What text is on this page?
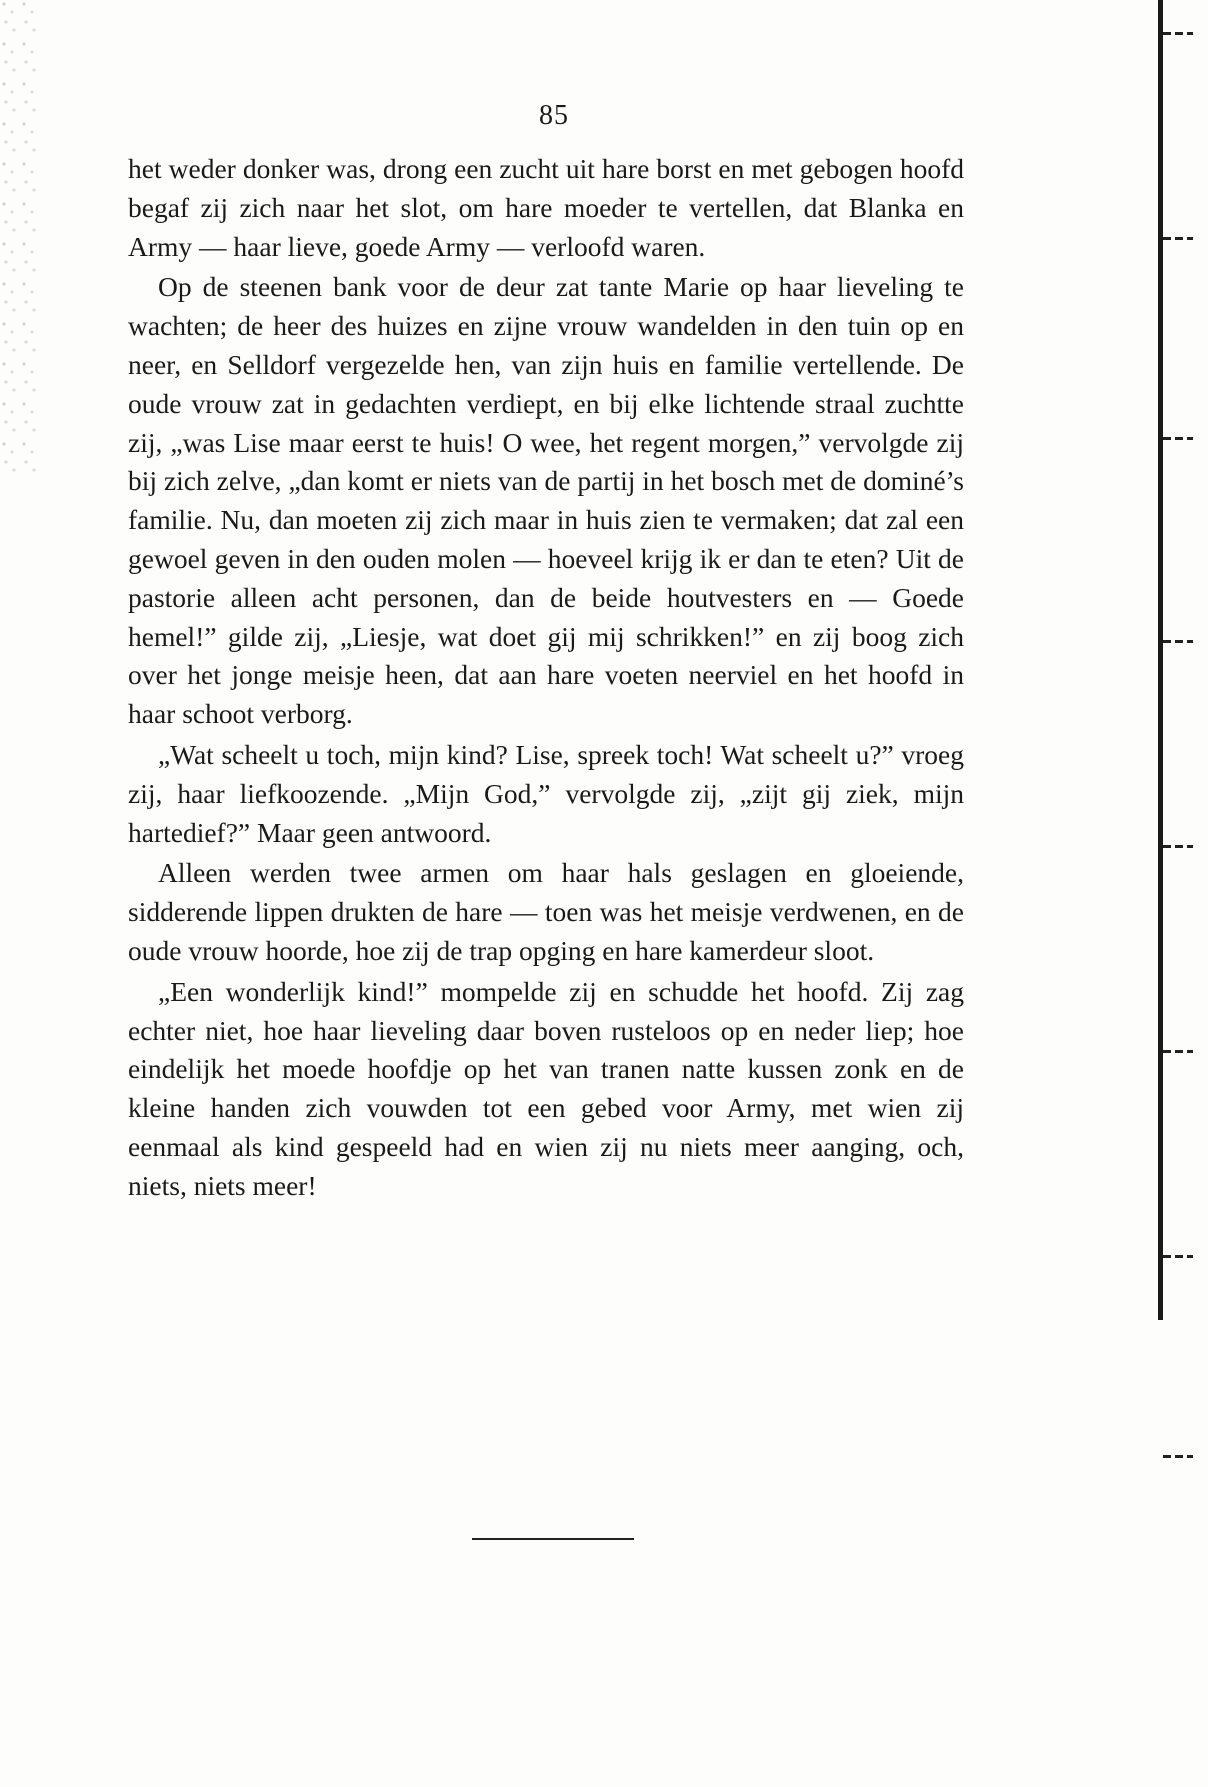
85

het weder donker was, drong een zucht uit hare borst en met gebogen hoofd begaf zij zich naar het slot, om hare moeder te vertellen, dat Blanka en Army — haar lieve, goede Army — verloofd waren.

Op de steenen bank voor de deur zat tante Marie op haar lieveling te wachten; de heer des huizes en zijne vrouw wandelden in den tuin op en neer, en Selldorf vergezelde hen, van zijn huis en familie vertellende. De oude vrouw zat in gedachten verdiept, en bij elke lichtende straal zuchtte zij, „was Lise maar eerst te huis! O wee, het regent morgen,” vervolgde zij bij zich zelve, „dan komt er niets van de partij in het bosch met de dominé’s familie. Nu, dan moeten zij zich maar in huis zien te vermaken; dat zal een gewoel geven in den ouden molen — hoeveel krijg ik er dan te eten? Uit de pastorie alleen acht personen, dan de beide houtvesters en — Goede hemel!” gilde zij, „Liesje, wat doet gij mij schrikken!” en zij boog zich over het jonge meisje heen, dat aan hare voeten neerviel en het hoofd in haar schoot verborg.

„Wat scheelt u toch, mijn kind? Lise, spreek toch! Wat scheelt u?” vroeg zij, haar liefkoozende. „Mijn God,” vervolgde zij, „zijt gij ziek, mijn hartedief?” Maar geen antwoord.

Alleen werden twee armen om haar hals geslagen en gloeiende, sidderende lippen drukten de hare — toen was het meisje verdwenen, en de oude vrouw hoorde, hoe zij de trap opging en hare kamerdeur sloot.

„Een wonderlijk kind!” mompelde zij en schudde het hoofd. Zij zag echter niet, hoe haar lieveling daar boven rusteloos op en neder liep; hoe eindelijk het moede hoofdje op het van tranen natte kussen zonk en de kleine handen zich vouwden tot een gebed voor Army, met wien zij eenmaal als kind gespeeld had en wien zij nu niets meer aanging, och, niets, niets meer!
